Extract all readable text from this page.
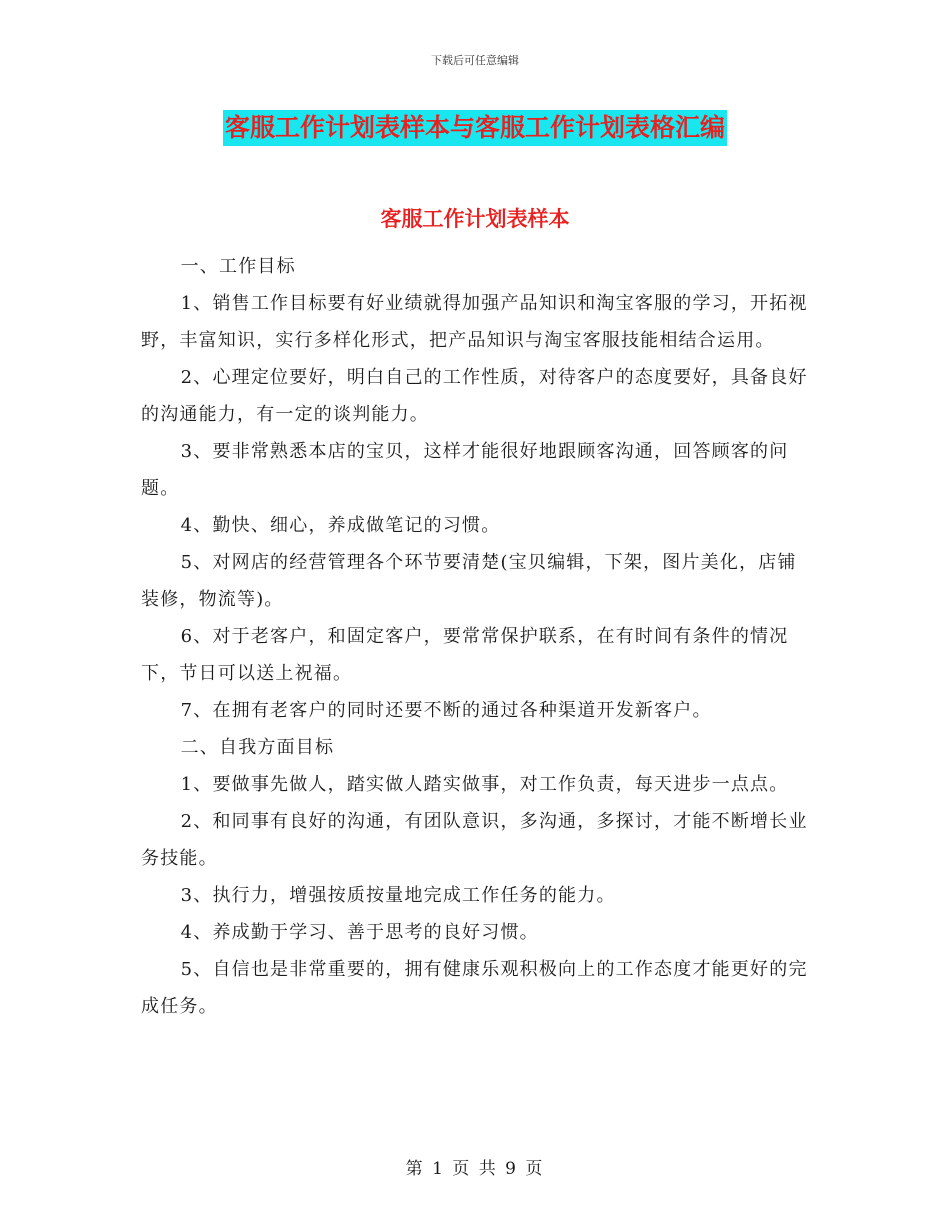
下载后可任意编辑
客服工作计划表样本与客服工作计划表格汇编
客服工作计划表样本

一、工作目标

1、销售工作目标要有好业绩就得加强产品知识和淘宝客服的学习，开拓视野，丰富知识，实行多样化形式，把产品知识与淘宝客服技能相结合运用。

2、心理定位要好，明白自己的工作性质，对待客户的态度要好，具备良好的沟通能力，有一定的谈判能力。

3、要非常熟悉本店的宝贝，这样才能很好地跟顾客沟通，回答顾客的问题。

4、勤快、细心，养成做笔记的习惯。

5、对网店的经营管理各个环节要清楚(宝贝编辑，下架，图片美化，店铺装修，物流等)。

6、对于老客户，和固定客户，要常常保护联系，在有时间有条件的情况下，节日可以送上祝福。

7、在拥有老客户的同时还要不断的通过各种渠道开发新客户。

二、自我方面目标

1、要做事先做人，踏实做人踏实做事，对工作负责，每天进步一点点。

2、和同事有良好的沟通，有团队意识，多沟通，多探讨，才能不断增长业务技能。

3、执行力，增强按质按量地完成工作任务的能力。

4、养成勤于学习、善于思考的良好习惯。

5、自信也是非常重要的，拥有健康乐观积极向上的工作态度才能更好的完成任务。

第 1 页 共 9 页
